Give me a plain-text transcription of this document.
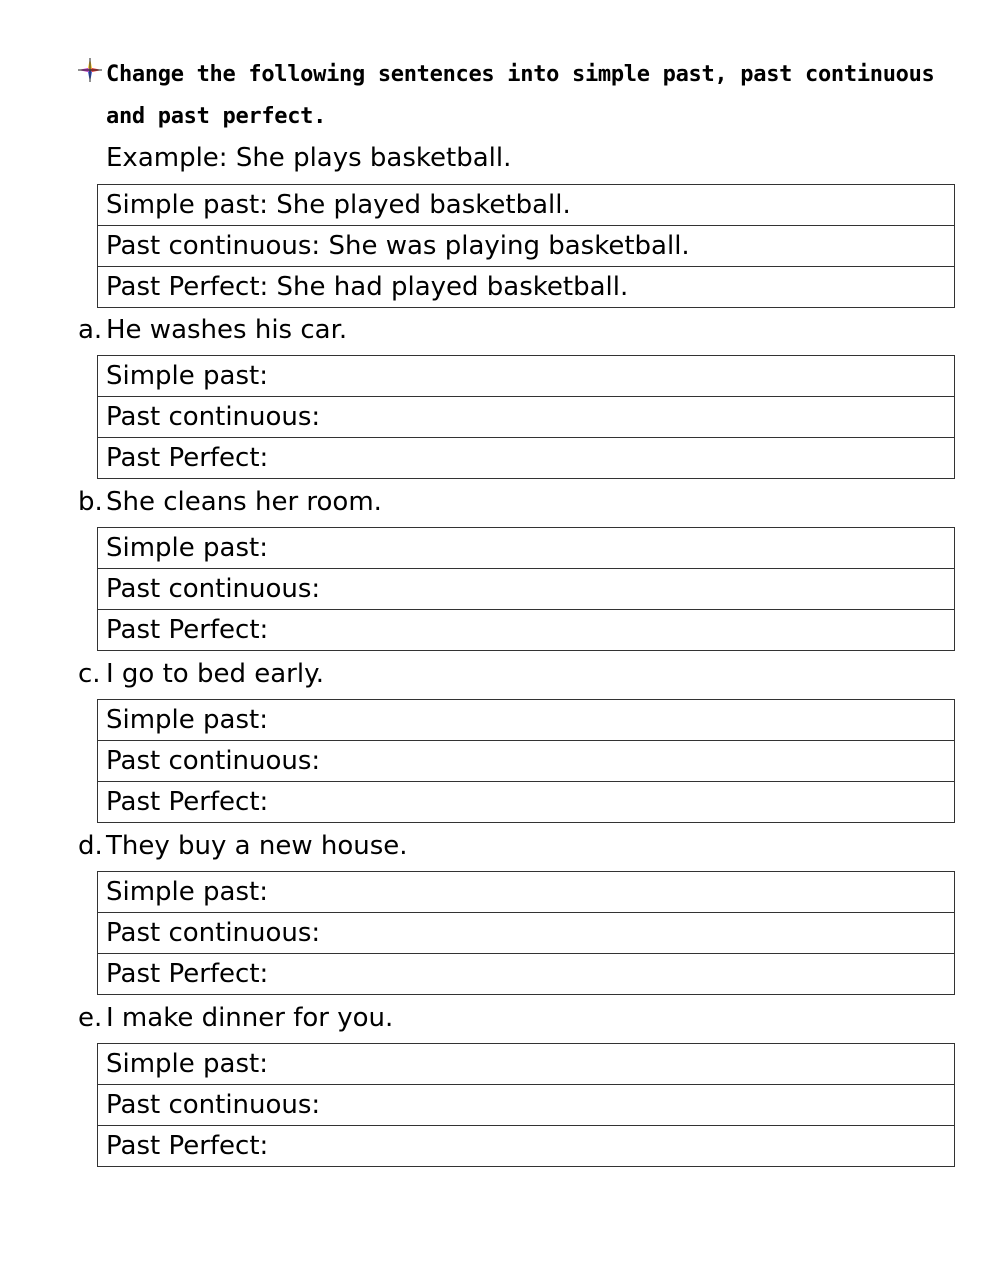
Change the following sentences into simple past, past continuous and past perfect.
Example: She plays basketball.
Simple past: She played basketball.
Past continuous: She was playing basketball.
Past Perfect: She had played basketball.
a. He washes his car.
Simple past:
Past continuous:
Past Perfect:
b. She cleans her room.
Simple past:
Past continuous:
Past Perfect:
c. I go to bed early.
Simple past:
Past continuous:
Past Perfect:
d. They buy a new house.
Simple past:
Past continuous:
Past Perfect:
e. I make dinner for you.
Simple past:
Past continuous:
Past Perfect:
